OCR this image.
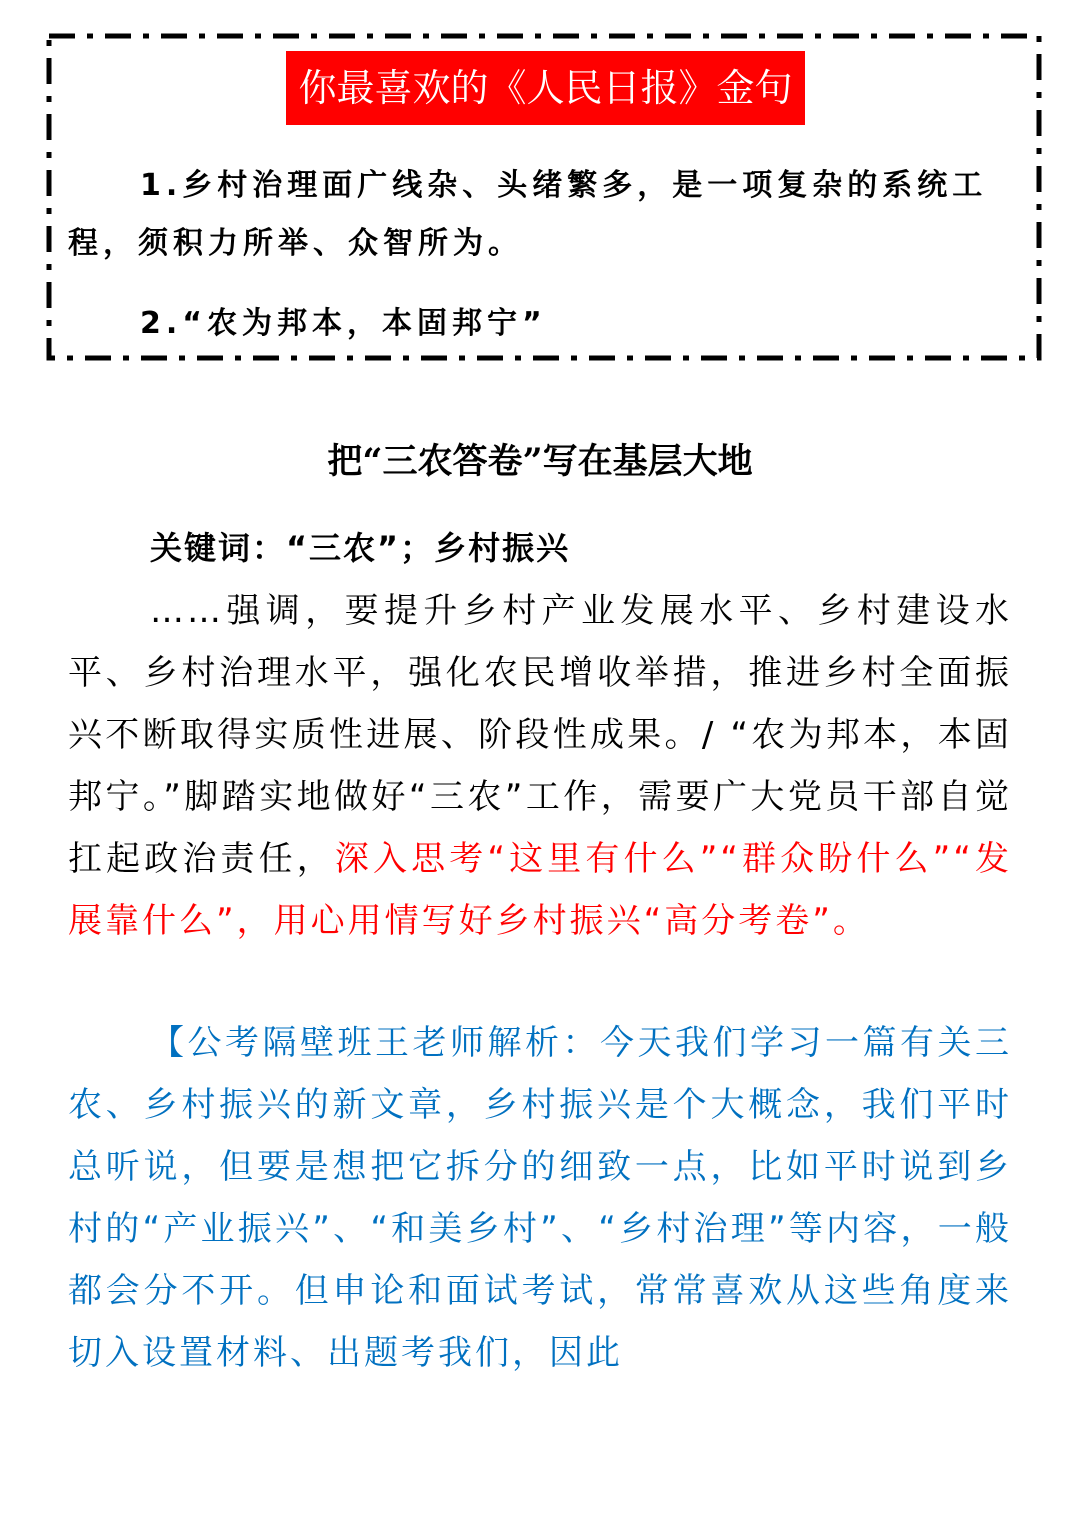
你最喜欢的《人民日报》金句
1.乡村治理面广线杂、头绪繁多，是一项复杂的系统工程，须积力所举、众智所为。
2.“农为邦本，本固邦宁”
把“三农答卷”写在基层大地
关键词：“三农”；乡村振兴
……强调，要提升乡村产业发展水平、乡村建设水平、乡村治理水平，强化农民增收举措，推进乡村全面振兴不断取得实质性进展、阶段性成果。/ “农为邦本，本固邦宁。”脚踏实地做好“三农”工作，需要广大党员干部自觉扛起政治责任，深入思考“这里有什么”“群众盼什么”“发展靠什么”，用心用情写好乡村振兴“高分考卷”。
【公考隔壁班王老师解析：今天我们学习一篇有关三农、乡村振兴的新文章，乡村振兴是个大概念，我们平时总听说，但要是想把它拆分的细致一点，比如平时说到乡村的“产业振兴”、“和美乡村”、“乡村治理”等内容，一般都会分不开。但申论和面试考试，常常喜欢从这些角度来切入设置材料、出题考我们，因此
